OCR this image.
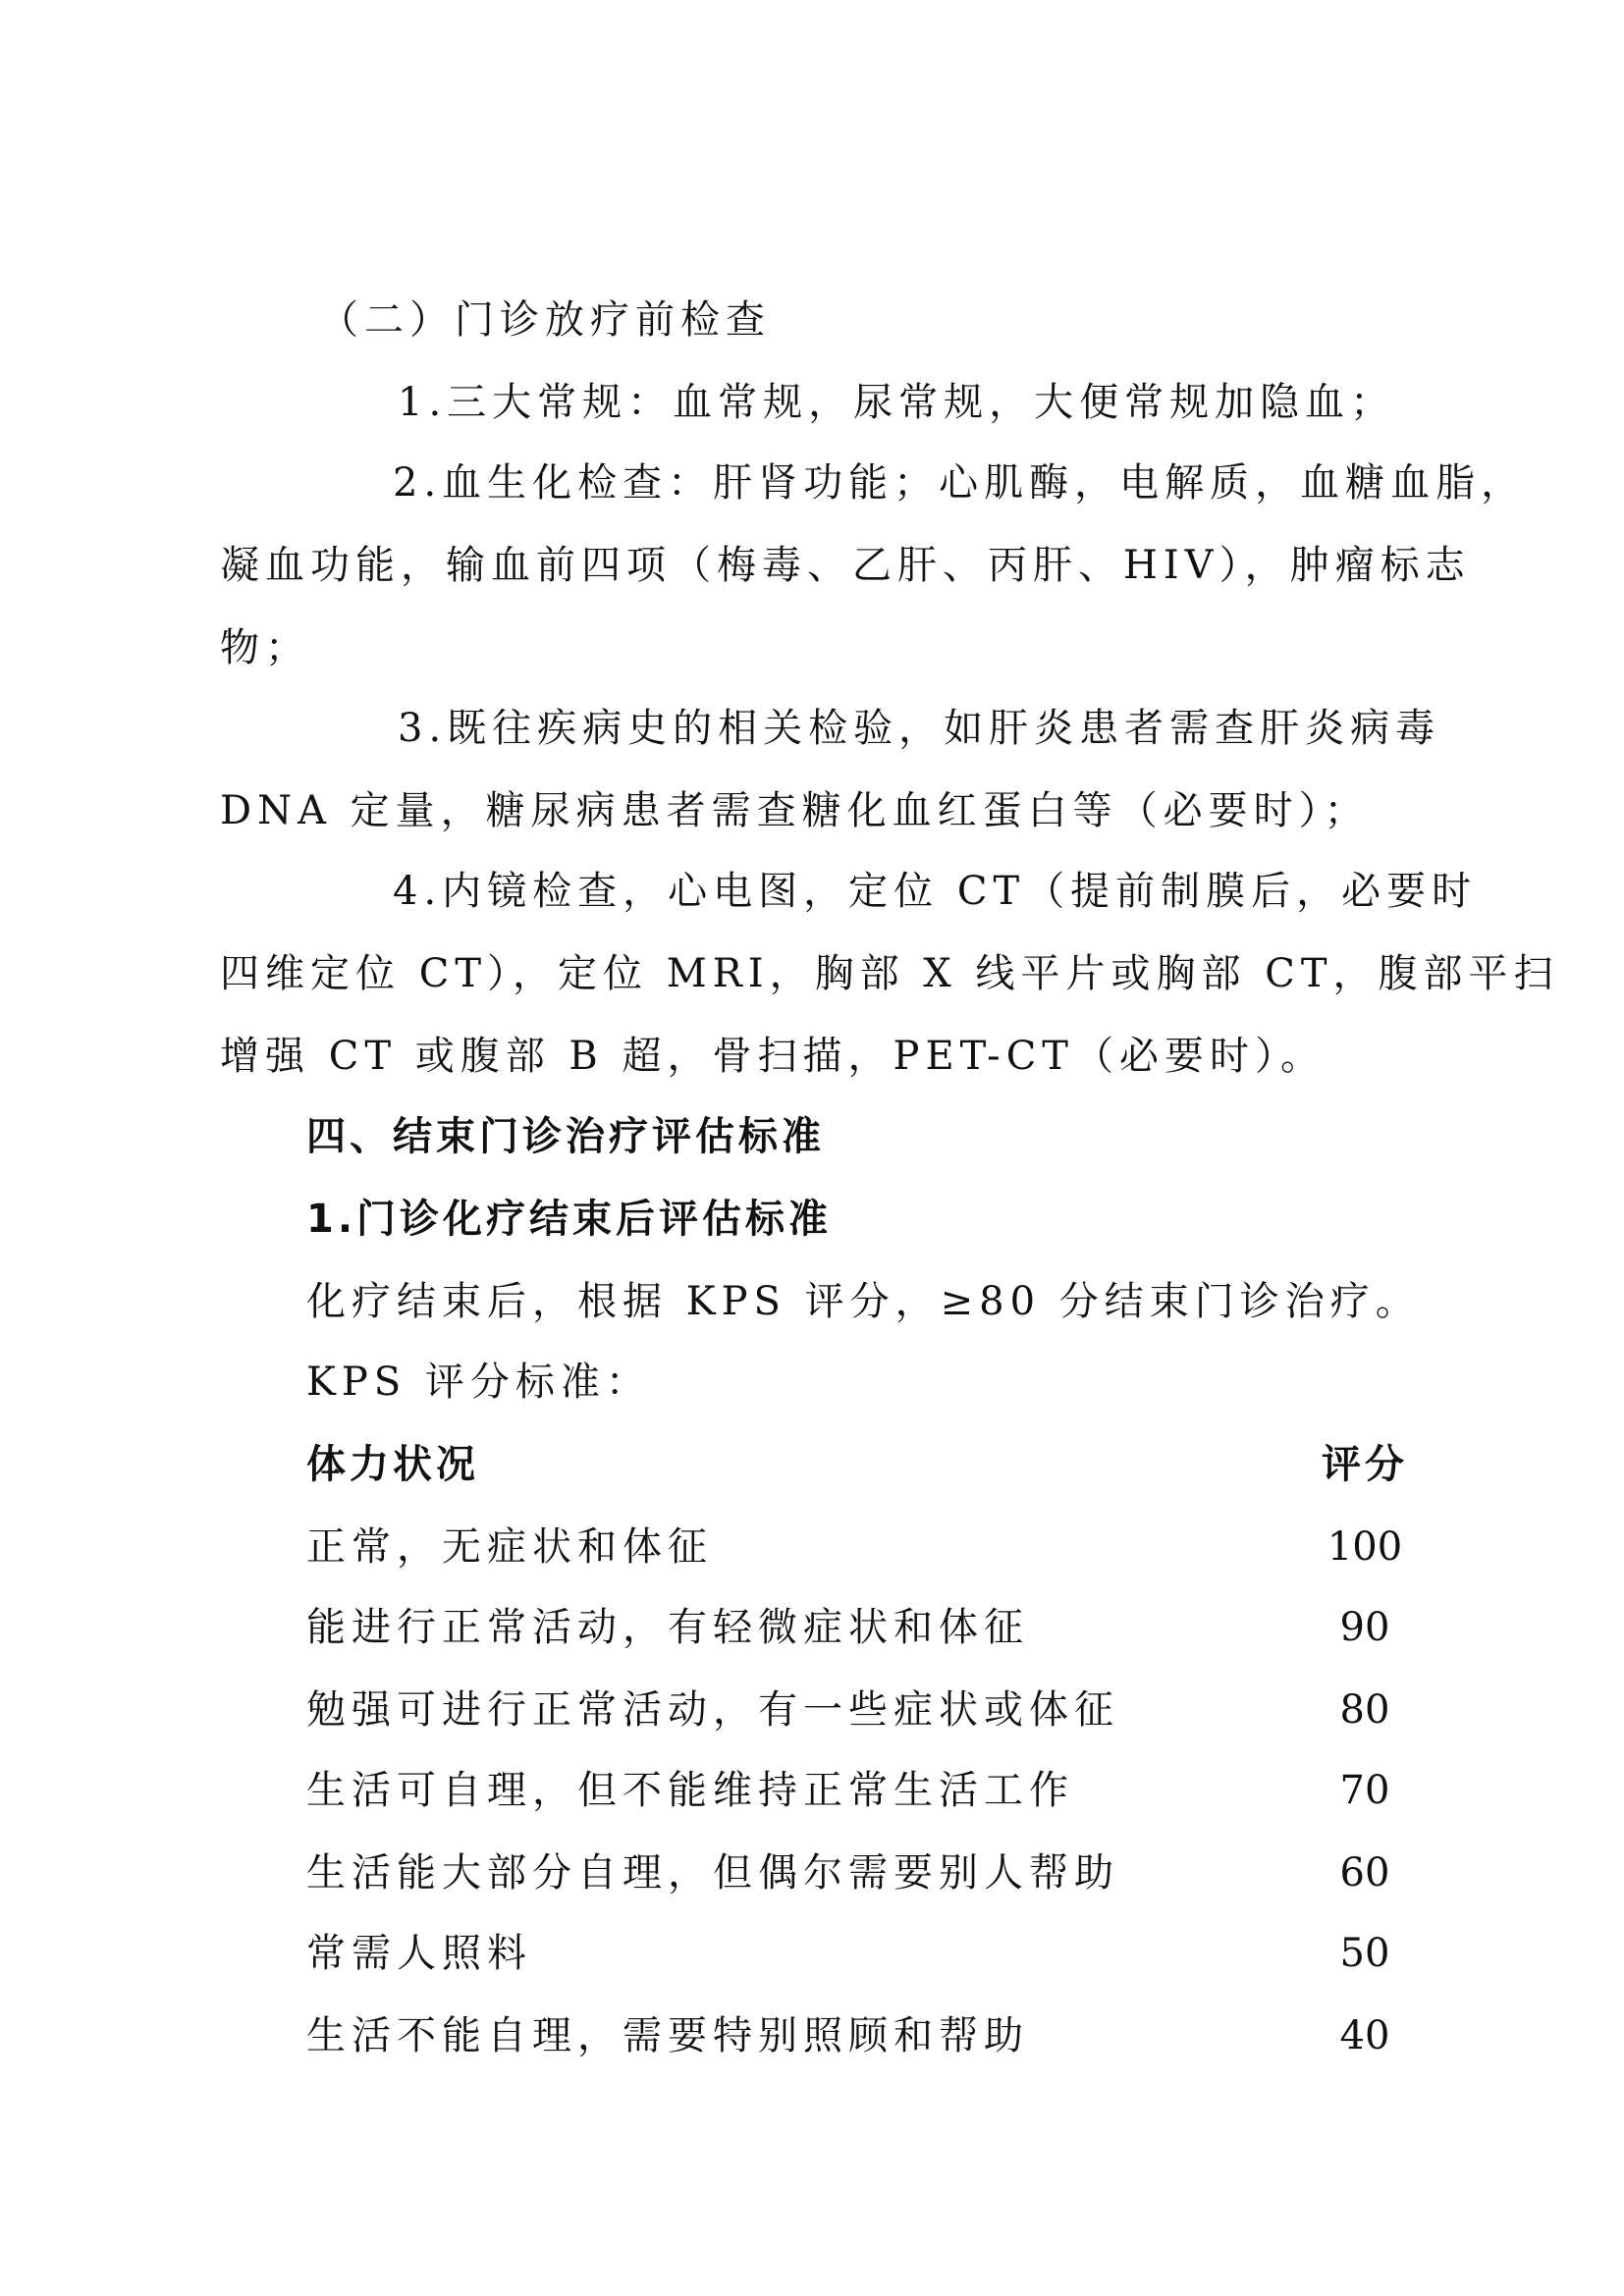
（二）门诊放疗前检查
1.三大常规：血常规，尿常规，大便常规加隐血；
2.血生化检查：肝肾功能；心肌酶，电解质，血糖血脂，
凝血功能，输血前四项（梅毒、乙肝、丙肝、HIV），肿瘤标志
物；
3.既往疾病史的相关检验，如肝炎患者需查肝炎病毒
DNA 定量，糖尿病患者需查糖化血红蛋白等（必要时）；
4.内镜检查，心电图，定位 CT（提前制膜后，必要时
四维定位 CT），定位 MRI，胸部 X 线平片或胸部 CT，腹部平扫
增强 CT 或腹部 B 超，骨扫描，PET-CT（必要时）。
四、结束门诊治疗评估标准
1.门诊化疗结束后评估标准
化疗结束后，根据 KPS 评分，≥80 分结束门诊治疗。
KPS 评分标准：
体力状况	评分
正常，无症状和体征	100
能进行正常活动，有轻微症状和体征	90
勉强可进行正常活动，有一些症状或体征	80
生活可自理，但不能维持正常生活工作	70
生活能大部分自理，但偶尔需要别人帮助	60
常需人照料	50
生活不能自理，需要特别照顾和帮助	40
